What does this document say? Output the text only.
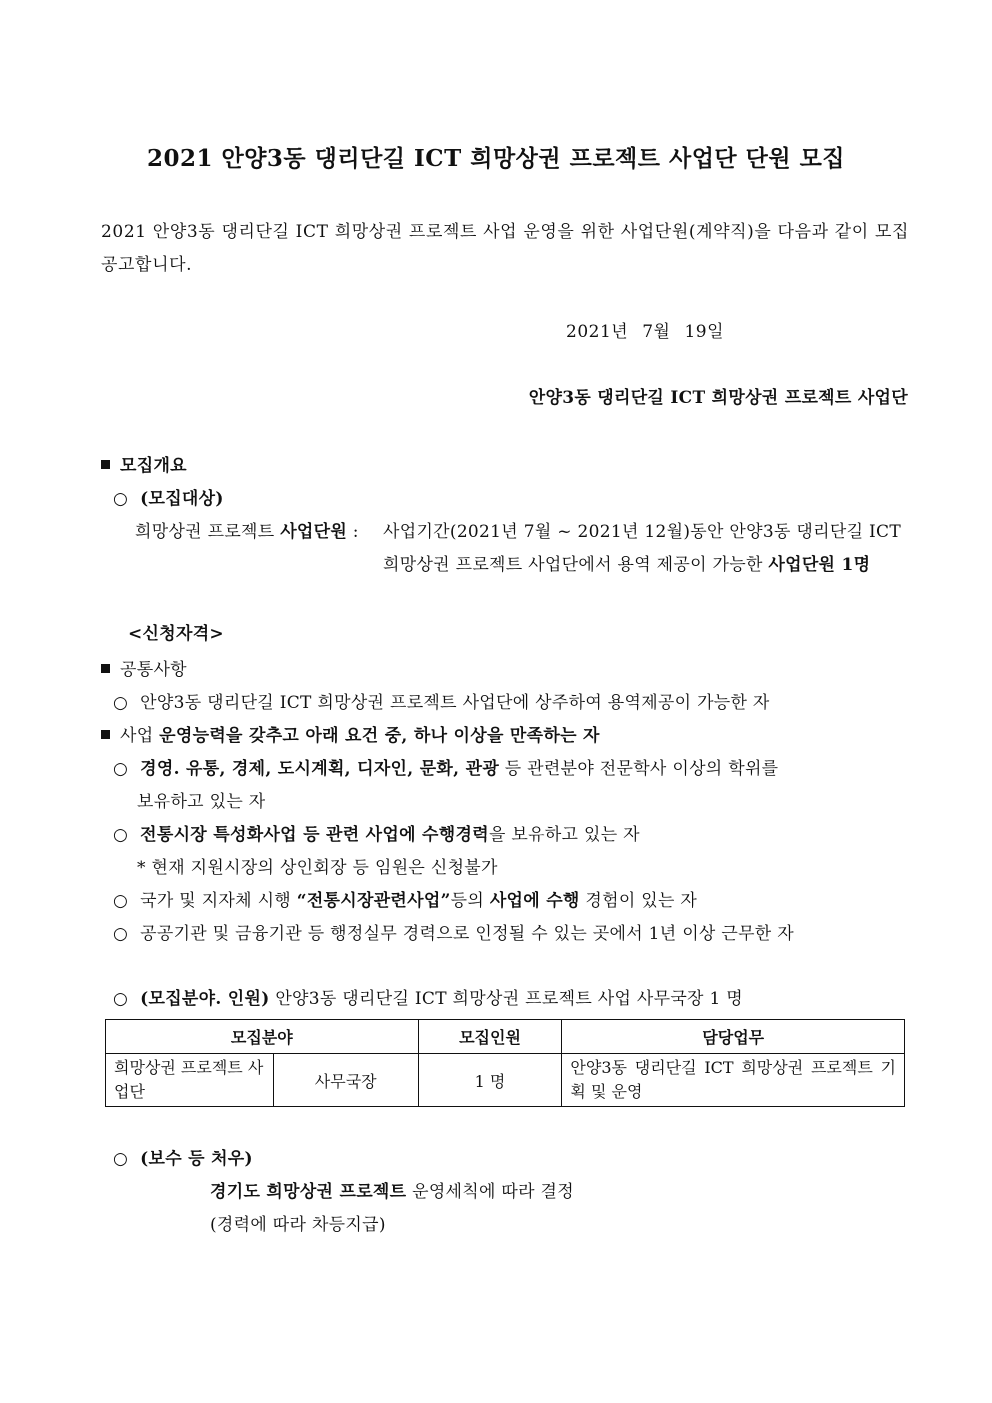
2021 안양3동 댕리단길 ICT 희망상권 프로젝트 사업단 단원 모집
2021 안양3동 댕리단길 ICT 희망상권 프로젝트 사업 운영을 위한 사업단원(계약직)을 다음과 같이 모집 공고합니다.
2021년 7월 19일
안양3동 댕리단길 ICT 희망상권 프로젝트 사업단
모집개요
○ (모집대상)
희망상권 프로젝트 사업단원 : 사업기간(2021년 7월 ~ 2021년 12월)동안 안양3동 댕리단길 ICT
희망상권 프로젝트 사업단에서 용역 제공이 가능한 사업단원 1명
<신청자격>
공통사항
○ 안양3동 댕리단길 ICT 희망상권 프로젝트 사업단에 상주하여 용역제공이 가능한 자
사업 운영능력을 갖추고 아래 요건 중, 하나 이상을 만족하는 자
○ 경영. 유통, 경제, 도시계획, 디자인, 문화, 관광 등 관련분야 전문학사 이상의 학위를
보유하고 있는 자
○ 전통시장 특성화사업 등 관련 사업에 수행경력을 보유하고 있는 자
* 현재 지원시장의 상인회장 등 임원은 신청불가
○ 국가 및 지자체 시행 “전통시장관련사업”등의 사업에 수행 경험이 있는 자
○ 공공기관 및 금융기관 등 행정실무 경력으로 인정될 수 있는 곳에서 1년 이상 근무한 자
○ (모집분야. 인원) 안양3동 댕리단길 ICT 희망상권 프로젝트 사업 사무국장 1 명
모집분야		모집인원	담당업무
희망상권 프로젝트 사업단	사무국장	1 명	안양3동 댕리단길 ICT 희망상권 프로젝트 기획 및 운영
○ (보수 등 처우)
경기도 희망상권 프로젝트 운영세칙에 따라 결정
(경력에 따라 차등지급)
